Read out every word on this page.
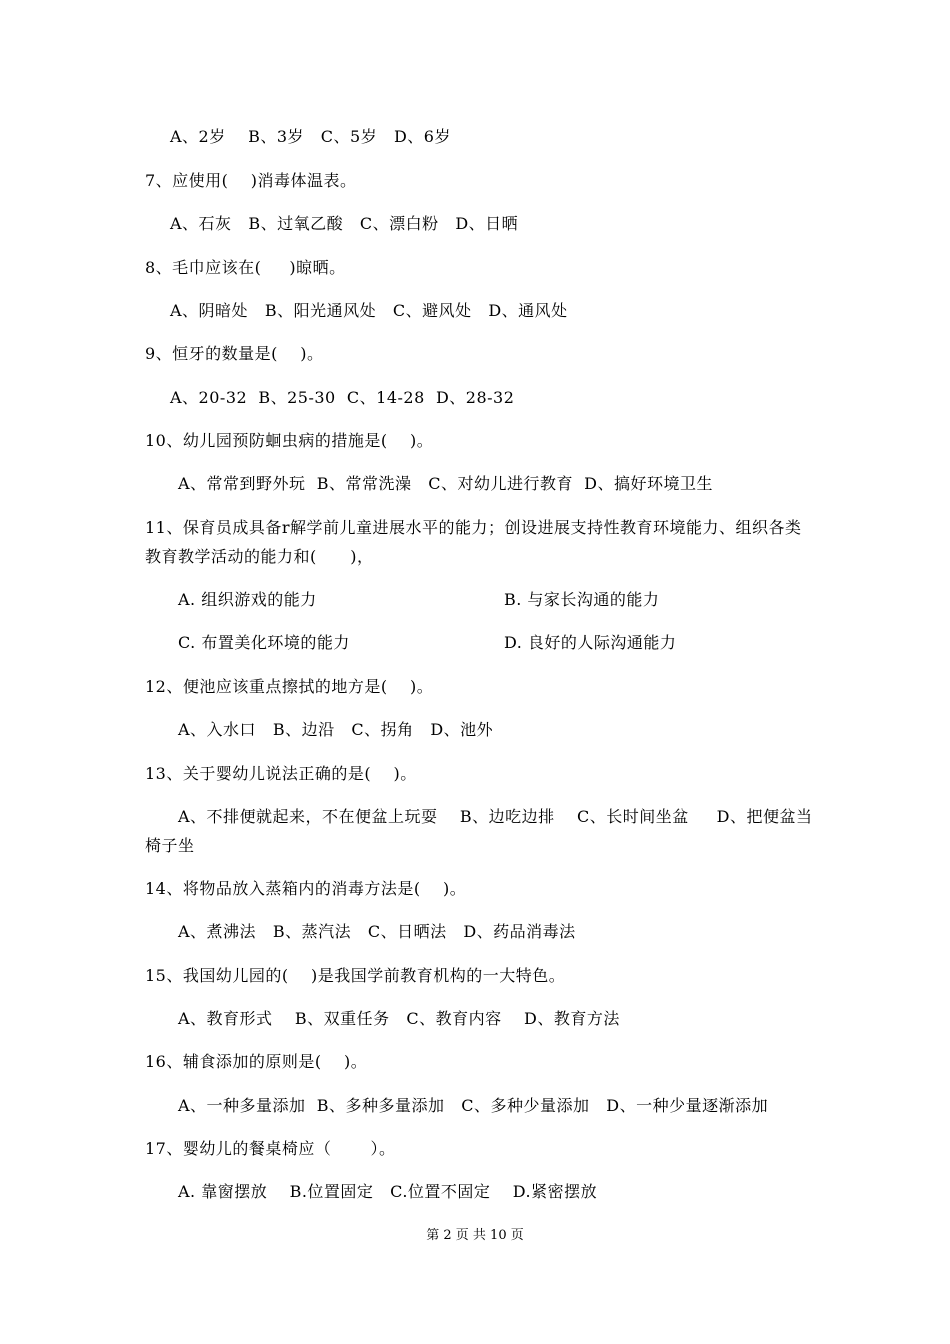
A、2岁    B、3岁   C、5岁   D、6岁
7、应使用(    )消毒体温表。
A、石灰   B、过氧乙酸   C、漂白粉   D、日晒
8、毛巾应该在(     )晾晒。
A、阴暗处   B、阳光通风处   C、避风处   D、通风处
9、恒牙的数量是(    )。
A、20-32  B、25-30  C、14-28  D、28-32
10、幼儿园预防蛔虫病的措施是(    )。
A、常常到野外玩  B、常常洗澡   C、对幼儿进行教育  D、搞好环境卫生
11、保育员成具备r解学前儿童进展水平的能力；创设进展支持性教育环境能力、组织各类
教育教学活动的能力和(      )，
A. 组织游戏的能力	B. 与家长沟通的能力
C. 布置美化环境的能力	D. 良好的人际沟通能力
12、便池应该重点擦拭的地方是(    )。
A、入水口   B、边沿   C、拐角   D、池外
13、关于婴幼儿说法正确的是(    )。
A、不排便就起来，不在便盆上玩耍    B、边吃边排    C、长时间坐盆     D、把便盆当
椅子坐
14、将物品放入蒸箱内的消毒方法是(    )。
A、煮沸法   B、蒸汽法   C、日晒法   D、药品消毒法
15、我国幼儿园的(    )是我国学前教育机构的一大特色。
A、教育形式    B、双重任务   C、教育内容    D、教育方法
16、辅食添加的原则是(    )。
A、一种多量添加  B、多种多量添加   C、多种少量添加   D、一种少量逐渐添加
17、婴幼儿的餐桌椅应（       ）。
A. 靠窗摆放    B.位置固定   C.位置不固定    D.紧密摆放
第 2 页 共 10 页
